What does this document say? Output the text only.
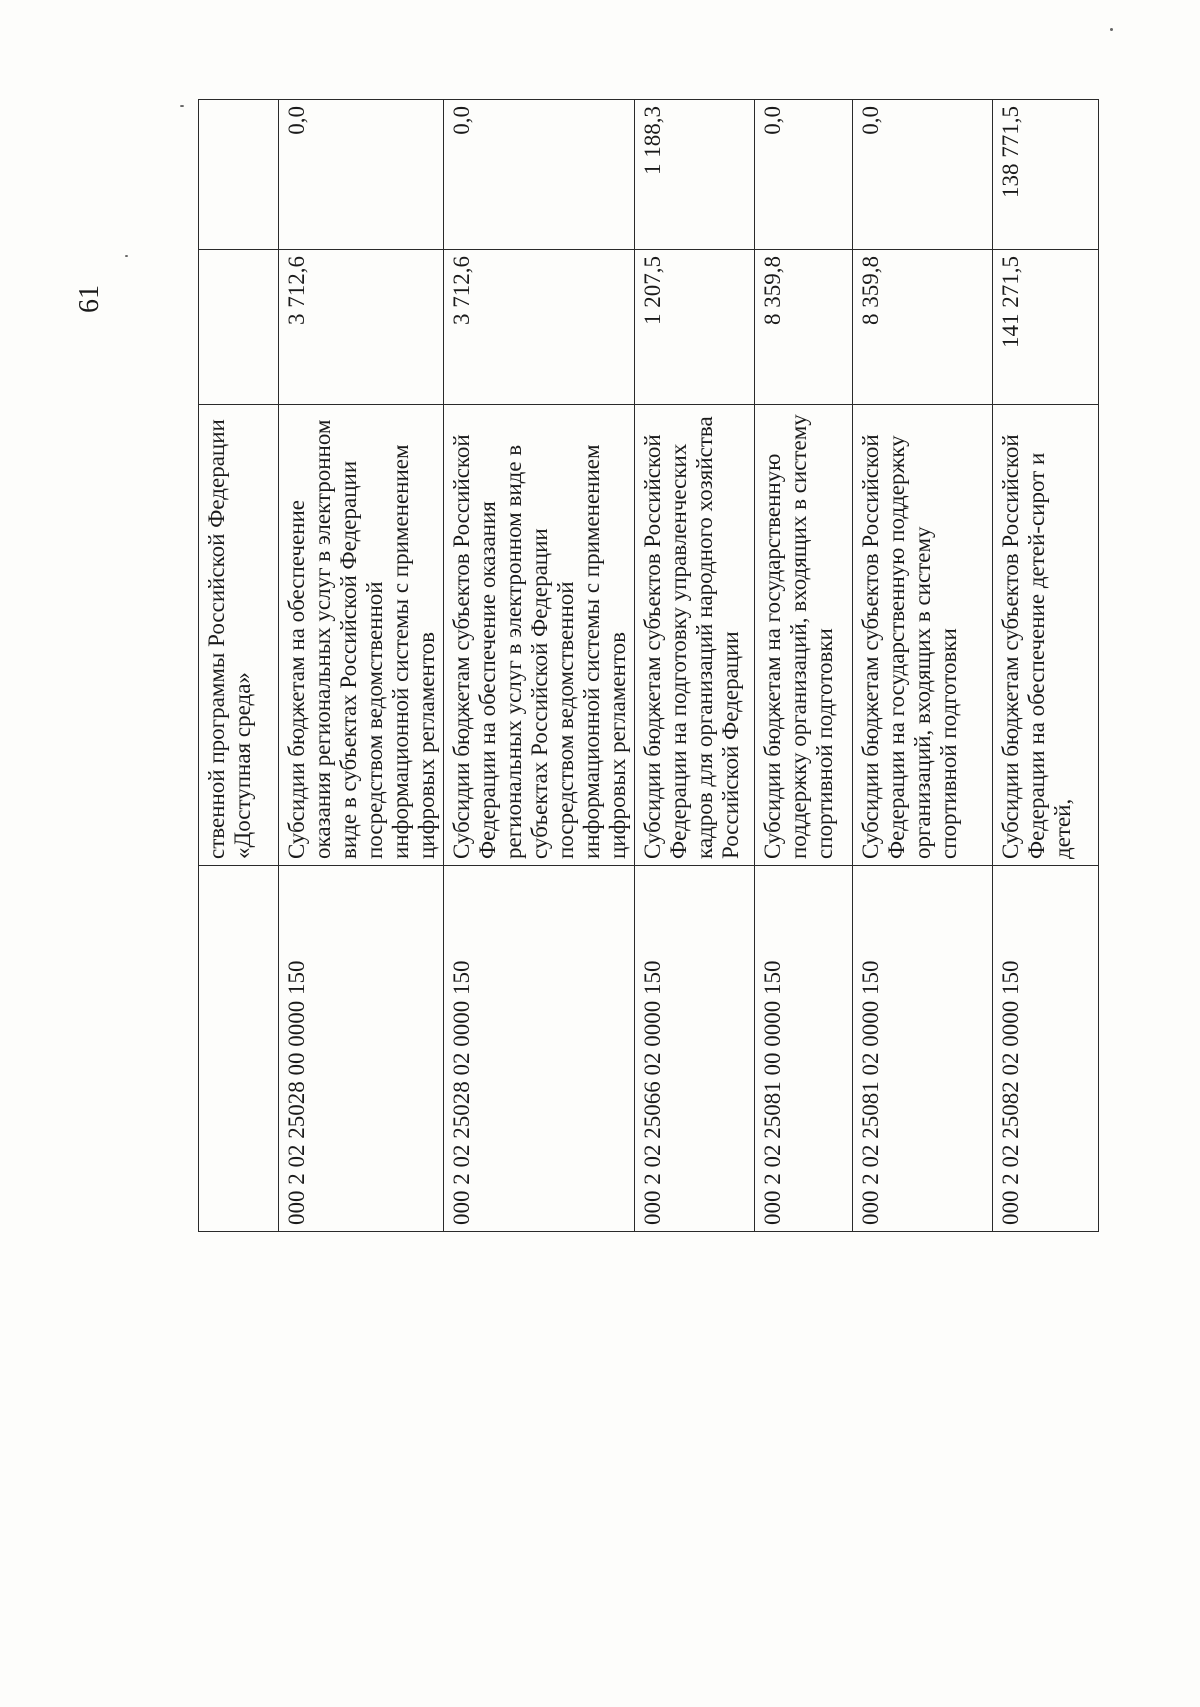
61
	ственной программы Российской Федерации «Доступная среда»			
000 2 02 25028 00 0000 150	Субсидии бюджетам на обеспечение оказания региональных услуг в электронном виде в субъектах Российской Федерации посредством ведомственной информационной системы с применением цифровых регламентов	3 712,6	0,0	
000 2 02 25028 02 0000 150	Субсидии бюджетам субъектов Российской Федерации на обеспечение оказания региональных услуг в электронном виде в субъектах Российской Федерации посредством ведомственной информационной системы с применением цифровых регламентов	3 712,6	0,0	
000 2 02 25066 02 0000 150	Субсидии бюджетам субъектов Российской Федерации на подготовку управленческих кадров для организаций народного хозяйства Российской Федерации	1 207,5	1 188,3	
000 2 02 25081 00 0000 150	Субсидии бюджетам на государственную поддержку организаций, входящих в систему спортивной подготовки	8 359,8	0,0	
000 2 02 25081 02 0000 150	Субсидии бюджетам субъектов Российской Федерации на государственную поддержку организаций, входящих в систему спортивной подготовки	8 359,8	0,0	
000 2 02 25082 02 0000 150	Субсидии бюджетам субъектов Российской Федерации на обеспечение детей-сирот и детей,	141 271,5	138 771,5	
